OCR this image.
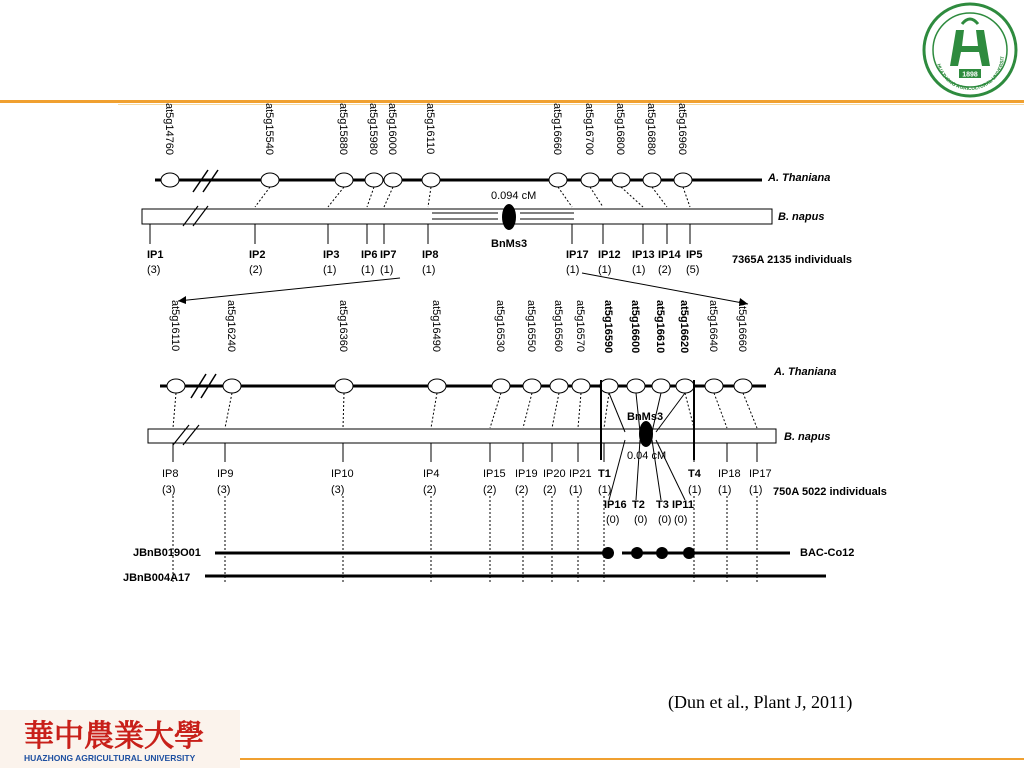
1898
HUAZHONG AGRICULTURAL UNIVERSIT
華中農業大學
HUAZHONG AGRICULTURAL UNIVERSITY
(Dun et al., Plant J, 2011)
at5g14760	at5g15540	at5g15880 at5g15980 at5g16000 at5g16110	at5g16660 at5g16700 at5g16800 at5g16880 at5g16960
A. Thaniana
B. napus
0.094 cM
BnMs3
IP1
(3)
IP2
(2)
IP3
(1)
IP6
(1)
IP7
(1)
IP8
(1)
IP17
(1)
IP12
(1)
IP13
(1)
IP14
(2)
IP5
(5)
7365A 2135 individuals
at5g16110	at5g16240	at5g16360	at5g16490	at5g16530 at5g16550 at5g16560 at5g16570 at5g16590 at5g16600 at5g16610 at5g16620 at5g16640 at5g16660
A. Thaniana
B. napus
BnMs3
0.04 cM
IP8
(3)
IP9
(3)
IP10
(3)
IP4
(2)
IP15
(2)
IP19
(2)
IP20
(2)
IP21
(1)
T1
(1)
T4
(1)
IP18
(1)
IP17
(1)
IP16
(0)
T2
(0)
T3
(0)
IP11
(0)
750A 5022 individuals
JBnB019O01	BAC-Co12
JBnB004A17
